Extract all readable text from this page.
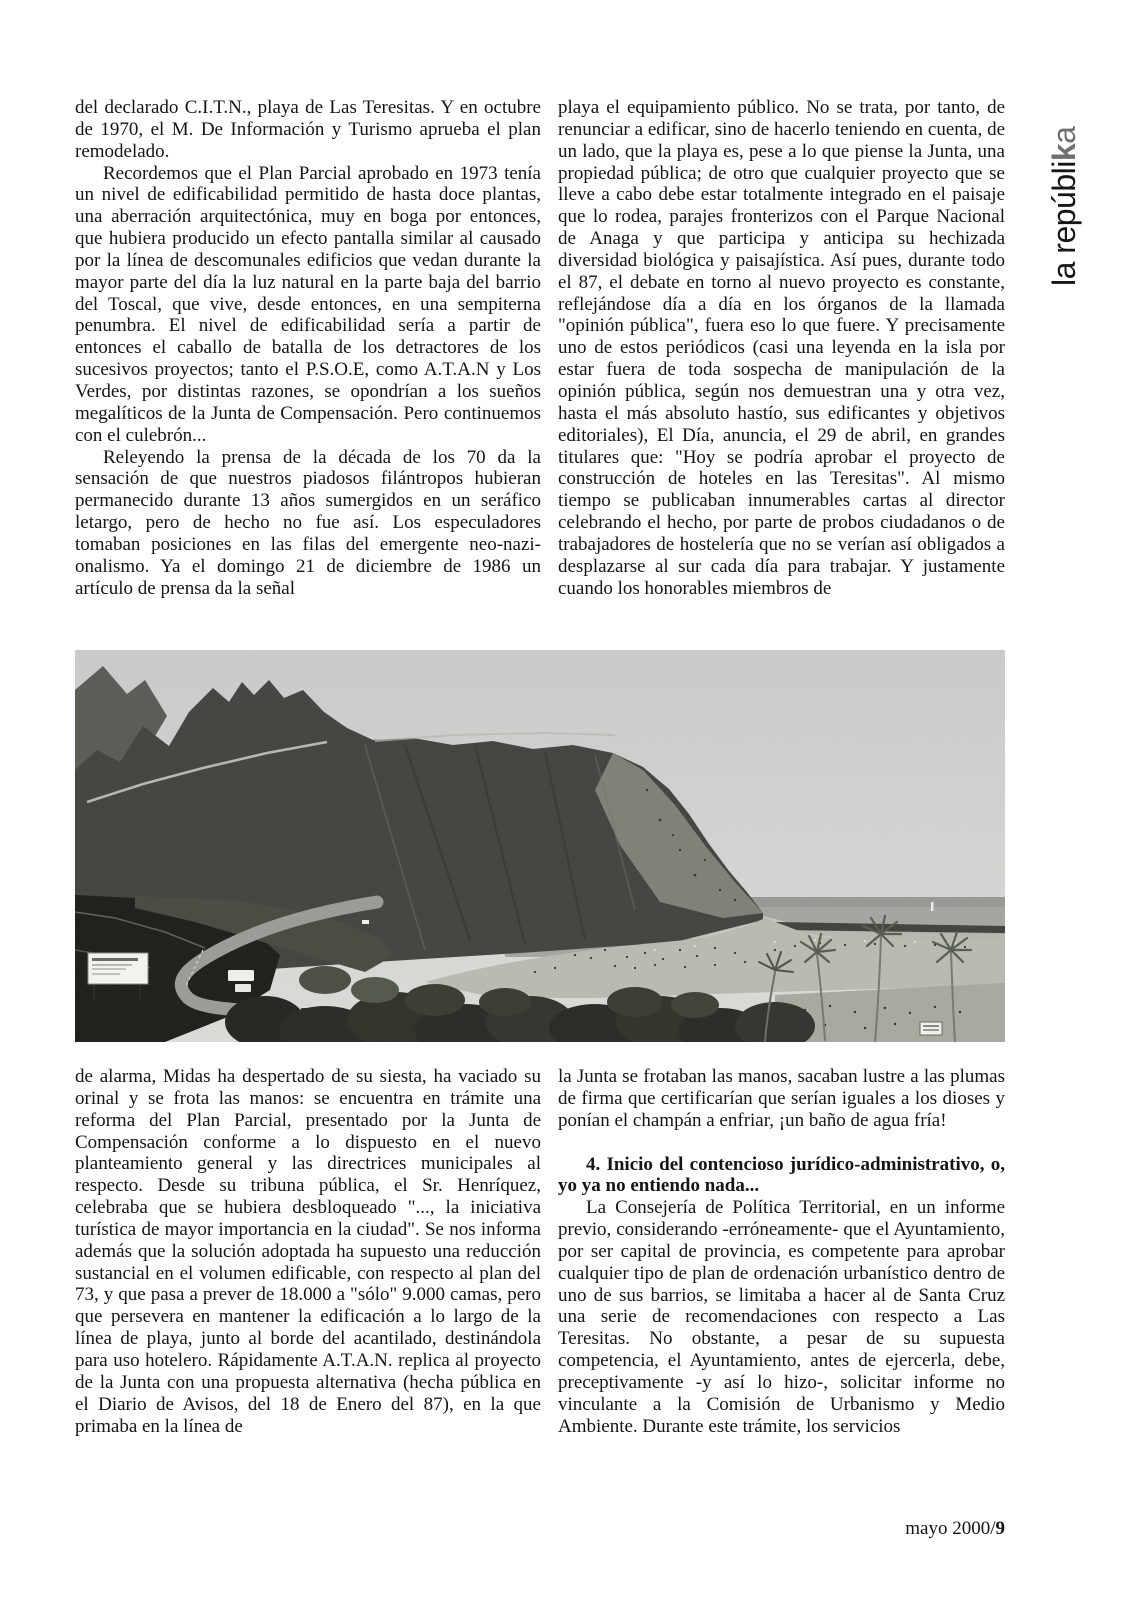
del declarado C.I.T.N., playa de Las Teresitas. Y en octubre de 1970, el M. De Información y Turismo aprueba el plan remodelado.

Recordemos que el Plan Parcial aprobado en 1973 tenía un nivel de edificabilidad permitido de hasta doce plantas, una aberración arquitectónica, muy en boga por entonces, que hubiera producido un efecto pantalla similar al causado por la línea de descomunales edificios que vedan durante la mayor parte del día la luz natural en la parte baja del barrio del Toscal, que vive, desde entonces, en una sempiterna penumbra. El nivel de edificabilidad sería a partir de entonces el caballo de batalla de los detractores de los sucesivos proyectos; tanto el P.S.O.E, como A.T.A.N y Los Verdes, por distintas razones, se opondrían a los sueños megalíticos de la Junta de Compensación. Pero continuemos con el culebrón...

Releyendo la prensa de la década de los 70 da la sensación de que nuestros piadosos filántropos hubieran permanecido durante 13 años sumergidos en un seráfico letargo, pero de hecho no fue así. Los especuladores tomaban posiciones en las filas del emergente neo-nazi-onalismo. Ya el domingo 21 de diciembre de 1986 un artículo de prensa da la señal

playa el equipamiento público. No se trata, por tanto, de renunciar a edificar, sino de hacerlo teniendo en cuenta, de un lado, que la playa es, pese a lo que piense la Junta, una propiedad pública; de otro que cualquier proyecto que se lleve a cabo debe estar totalmente integrado en el paisaje que lo rodea, parajes fronterizos con el Parque Nacional de Anaga y que participa y anticipa su hechizada diversidad biológica y paisajística. Así pues, durante todo el 87, el debate en torno al nuevo proyecto es constante, reflejándose día a día en los órganos de la llamada "opinión pública", fuera eso lo que fuere. Y precisamente uno de estos periódicos (casi una leyenda en la isla por estar fuera de toda sospecha de manipulación de la opinión pública, según nos demuestran una y otra vez, hasta el más absoluto hastío, sus edificantes y objetivos editoriales), El Día, anuncia, el 29 de abril, en grandes titulares que: "Hoy se podría aprobar el proyecto de construcción de hoteles en las Teresitas". Al mismo tiempo se publicaban innumerables cartas al director celebrando el hecho, por parte de probos ciudadanos o de trabajadores de hostelería que no se verían así obligados a desplazarse al sur cada día para trabajar. Y justamente cuando los honorables miembros de

de alarma, Midas ha despertado de su siesta, ha vaciado su orinal y se frota las manos: se encuentra en trámite una reforma del Plan Parcial, presentado por la Junta de Compensación conforme a lo dispuesto en el nuevo planteamiento general y las directrices municipales al respecto. Desde su tribuna pública, el Sr. Henríquez, celebraba que se hubiera desbloqueado "..., la iniciativa turística de mayor importancia en la ciudad". Se nos informa además que la solución adoptada ha supuesto una reducción sustancial en el volumen edificable, con respecto al plan del 73, y que pasa a prever de 18.000 a "sólo" 9.000 camas, pero que persevera en mantener la edificación a lo largo de la línea de playa, junto al borde del acantilado, destinándola para uso hotelero. Rápidamente A.T.A.N. replica al proyecto de la Junta con una propuesta alternativa (hecha pública en el Diario de Avisos, del 18 de Enero del 87), en la que primaba en la línea de

la Junta se frotaban las manos, sacaban lustre a las plumas de firma que certificarían que serían iguales a los dioses y ponían el champán a enfriar, ¡un baño de agua fría!

4. Inicio del contencioso jurídico-administrativo, o, yo ya no entiendo nada...

La Consejería de Política Territorial, en un informe previo, considerando -erróneamente- que el Ayuntamiento, por ser capital de provincia, es competente para aprobar cualquier tipo de plan de ordenación urbanístico dentro de uno de sus barrios, se limitaba a hacer al de Santa Cruz una serie de recomendaciones con respecto a Las Teresitas. No obstante, a pesar de su supuesta competencia, el Ayuntamiento, antes de ejercerla, debe, preceptivamente -y así lo hizo-, solicitar informe no vinculante a la Comisión de Urbanismo y Medio Ambiente. Durante este trámite, los servicios

la repúblika
mayo 2000/9
